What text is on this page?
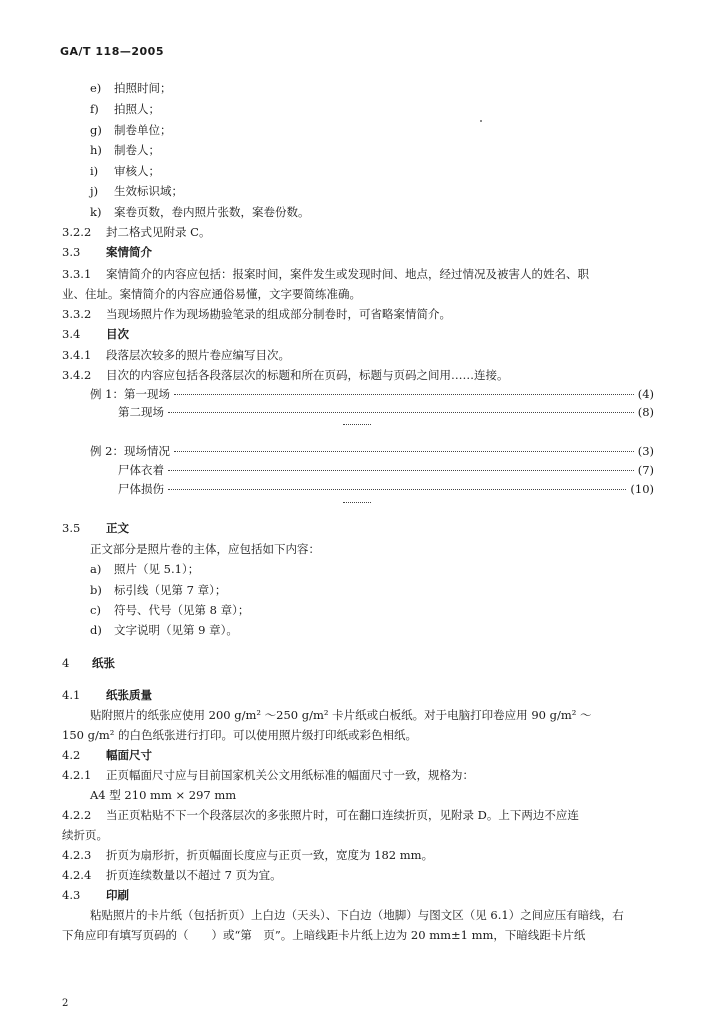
GA/T 118—2005
e) 拍照时间；
f) 拍照人；
g) 制卷单位；
h) 制卷人；
i) 审核人；
j) 生效标识域；
k) 案卷页数，卷内照片张数，案卷份数。
3.2.2 封二格式见附录 C。
3.3 案情简介
3.3.1 案情简介的内容应包括：报案时间，案件发生或发现时间、地点，经过情况及被害人的姓名、职
业、住址。案情简介的内容应通俗易懂，文字要简练准确。
3.3.2 当现场照片作为现场勘验笔录的组成部分制卷时，可省略案情简介。
3.4 目次
3.4.1 段落层次较多的照片卷应编写目次。
3.4.2 目次的内容应包括各段落层次的标题和所在页码，标题与页码之间用……连接。
例 1： 第一现场	(4)
第二现场	(8)
例 2： 现场情况	(3)
尸体衣着	(7)
尸体损伤	(10)
3.5 正文
正文部分是照片卷的主体，应包括如下内容：
a) 照片（见 5.1）；
b) 标引线（见第 7 章）；
c) 符号、代号（见第 8 章）；
d) 文字说明（见第 9 章）。
4 纸张
4.1 纸张质量
贴附照片的纸张应使用 200 g/m² ～250 g/m² 卡片纸或白板纸。对于电脑打印卷应用 90 g/m² ～
150 g/m² 的白色纸张进行打印。可以使用照片级打印纸或彩色相纸。
4.2 幅面尺寸
4.2.1 正页幅面尺寸应与目前国家机关公文用纸标准的幅面尺寸一致，规格为：
A4 型 210 mm × 297 mm
4.2.2 当正页粘贴不下一个段落层次的多张照片时，可在翻口连续折页，见附录 D。上下两边不应连
续折页。
4.2.3 折页为扇形折，折页幅面长度应与正页一致，宽度为 182 mm。
4.2.4 折页连续数量以不超过 7 页为宜。
4.3 印刷
粘贴照片的卡片纸（包括折页）上白边（天头）、下白边（地脚）与图文区（见 6.1）之间应压有暗线，右
下角应印有填写页码的（　　）或“第　页”。上暗线距卡片纸上边为 20 mm±1 mm，下暗线距卡片纸
2
